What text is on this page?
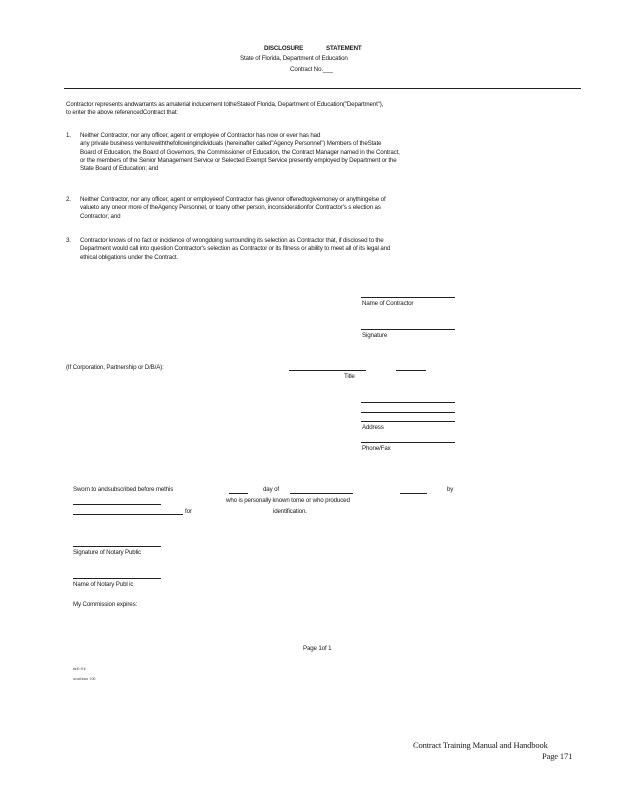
DISCLOSURE	STATEMENT
State of Florida, Department of Education
Contract No.___
Contractor represents andwarrants as amaterial inducement totheStateof Florida, Department of Education("Department"),
to enter the above referencedContract that:
1. Neither Contractor, nor any officer, agent or employee of Contractor has now or ever has had
any private business venturewiththefollowingindividuals (hereinafter called"Agency Personnel") Members of theState
Board of Education, the Board of Governors, the Commissioner of Education, the Contract Manager named in the Contract,
or the members of the Senior Management Service or Selected Exempt Service presently employed by Department or the
State Board of Education; and
2. Neither Contractor, nor any officer, agent or employeeof Contractor has givenor offeredtogivemoney or anythingelse of
valueto any oneor more of theAgency Personnel, or toany other person, inconsiderationfor Contractor's s election as
Contractor; and
3. Contractor knows of no fact or incidence of wrongdoing surrounding its selection as Contractor that, if disclosed to the
Department would call into question Contractor's selection as Contractor or its fitness or ability to meet all of its legal and
ethical obligations under the Contract.
Name of Contractor
Signature
(If Corporation, Partnership or D/B/A):
Title
Address
Phone/Fax
Sworn to andsubscribed before methis	day of	by
who is personally known tome or who produced
for	identification.
Signature of Notary Public
Name of Notary Publ ic
My Commission expires:
Page 1of 1
ta I0 :9 II
ui ooi Iuno ·I 00
Contract Training Manual and Handbook
Page 171
